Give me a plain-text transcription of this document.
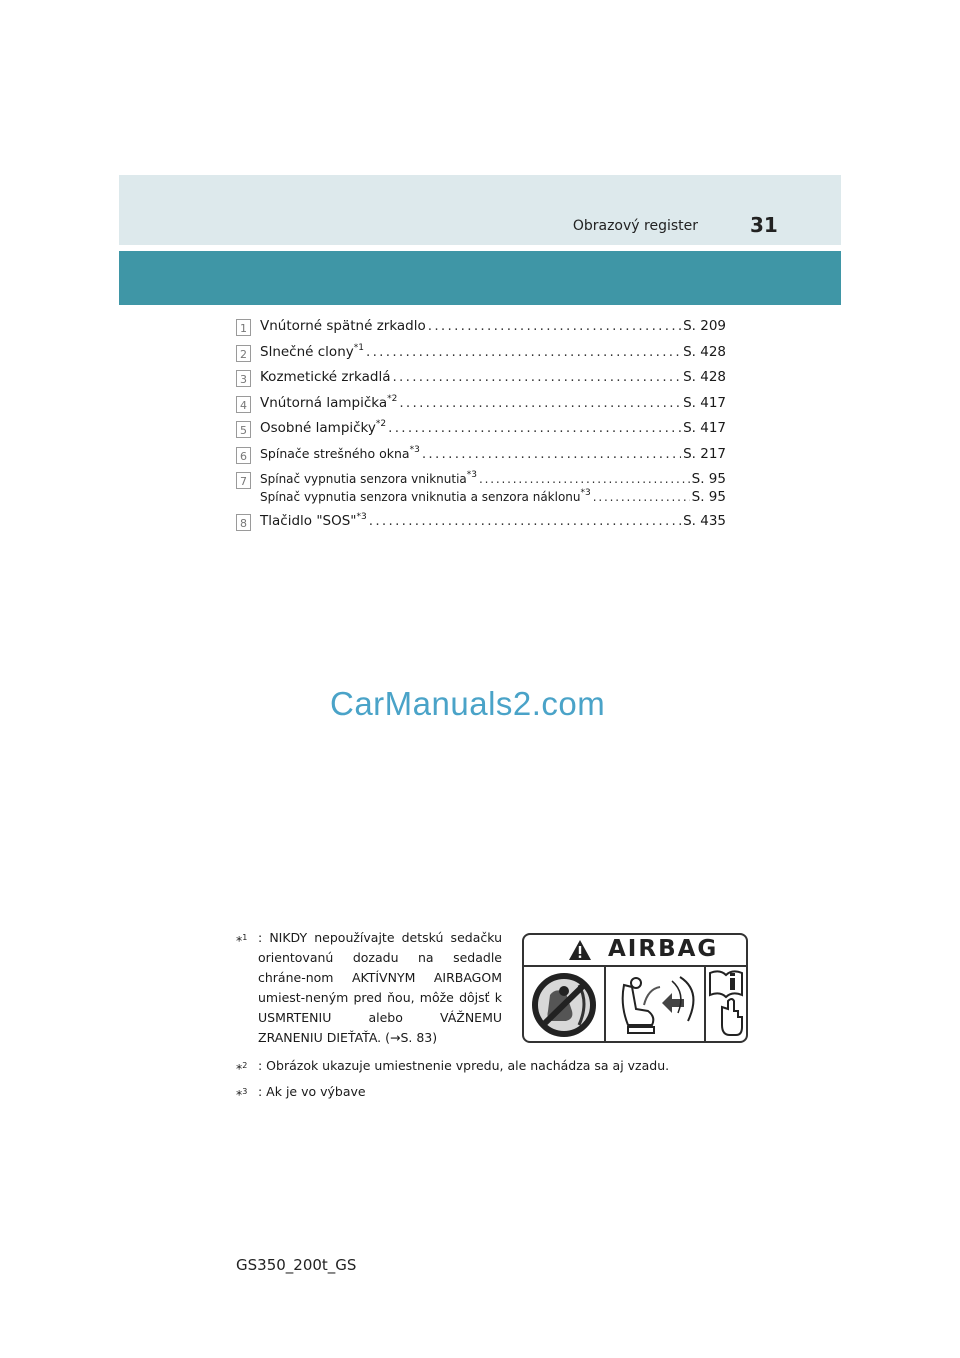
Obrazový register	31
1 Vnútorné spätné zrkadlo . . .	S. 209
2 Slnečné clony$^{*1}$ . . .	S. 428
3 Kozmetické zrkadlá . . .	S. 428
4 Vnútorná lampička$^{*2}$ . . .	S. 417
5 Osobné lampičky$^{*2}$ . . .	S. 417
6	Spínače strešného okna$^{*3}$ . . .	S. 217
7	Spínač vypnutia senzora vniknutia$^{*3}$ . . .	S. 95
Spínač vypnutia senzora vniknutia a senzora náklonu$^{*3}$ . . .	S. 95
8 Tlačidlo "SOS"$^{*3}$ . . .	S. 435
CarManuals2.com
*$^1$ : NIKDY nepoužívajte detskú sedačku orientovanú dozadu na sedadle chráne-nom AKTÍVNYM AIRBAGOM umiest-neným pred ňou, môže dôjsť k USMRTENIU alebo VÁŽNEMU ZRANENIU DIEŤAŤA. (→S. 83)
*$^2$ : Obrázok ukazuje umiestnenie vpredu, ale nachádza sa aj vzadu.
*$^3$ : Ak je vo výbave
AIRBAG
GS350_200t_GS
